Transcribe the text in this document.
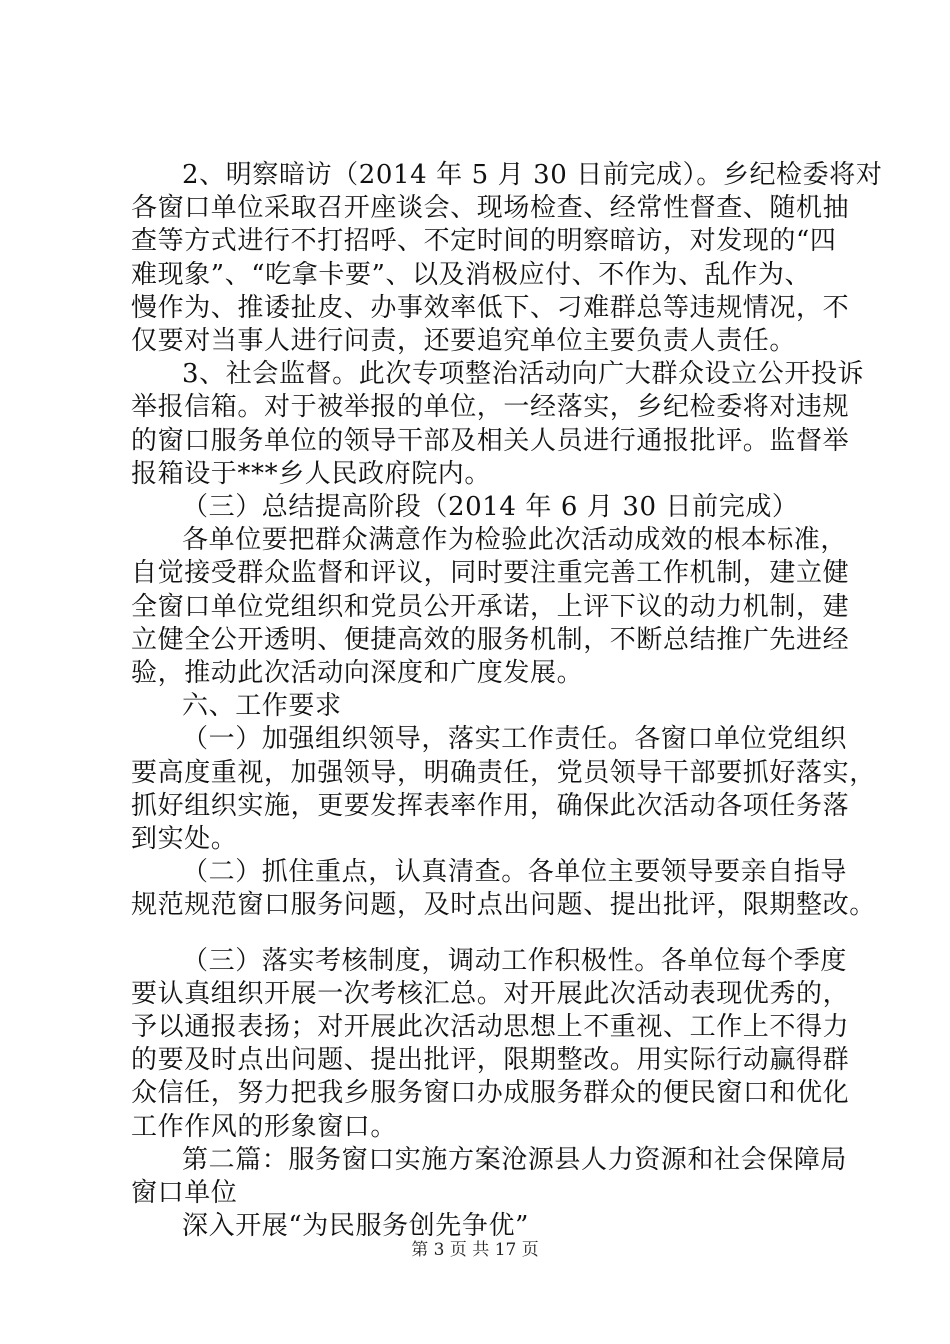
2、明察暗访（2014 年 5 月 30 日前完成）。乡纪检委将对
各窗口单位采取召开座谈会、现场检查、经常性督查、随机抽
查等方式进行不打招呼、不定时间的明察暗访，对发现的“四
难现象”、“吃拿卡要”、以及消极应付、不作为、乱作为、
慢作为、推诿扯皮、办事效率低下、刁难群总等违规情况，不
仅要对当事人进行问责，还要追究单位主要负责人责任。
3、社会监督。此次专项整治活动向广大群众设立公开投诉
举报信箱。对于被举报的单位，一经落实，乡纪检委将对违规
的窗口服务单位的领导干部及相关人员进行通报批评。监督举
报箱设于***乡人民政府院内。
（三）总结提高阶段（2014 年 6 月 30 日前完成）
各单位要把群众满意作为检验此次活动成效的根本标准，
自觉接受群众监督和评议，同时要注重完善工作机制，建立健
全窗口单位党组织和党员公开承诺，上评下议的动力机制，建
立健全公开透明、便捷高效的服务机制，不断总结推广先进经
验，推动此次活动向深度和广度发展。
六、工作要求
（一）加强组织领导，落实工作责任。各窗口单位党组织
要高度重视，加强领导，明确责任，党员领导干部要抓好落实，
抓好组织实施，更要发挥表率作用，确保此次活动各项任务落
到实处。
（二）抓住重点，认真清查。各单位主要领导要亲自指导
规范规范窗口服务问题，及时点出问题、提出批评，限期整改。
（三）落实考核制度，调动工作积极性。各单位每个季度
要认真组织开展一次考核汇总。对开展此次活动表现优秀的，
予以通报表扬；对开展此次活动思想上不重视、工作上不得力
的要及时点出问题、提出批评，限期整改。用实际行动赢得群
众信任，努力把我乡服务窗口办成服务群众的便民窗口和优化
工作作风的形象窗口。
第二篇：服务窗口实施方案沧源县人力资源和社会保障局
窗口单位
深入开展“为民服务创先争优”
第 3 页 共 17 页
